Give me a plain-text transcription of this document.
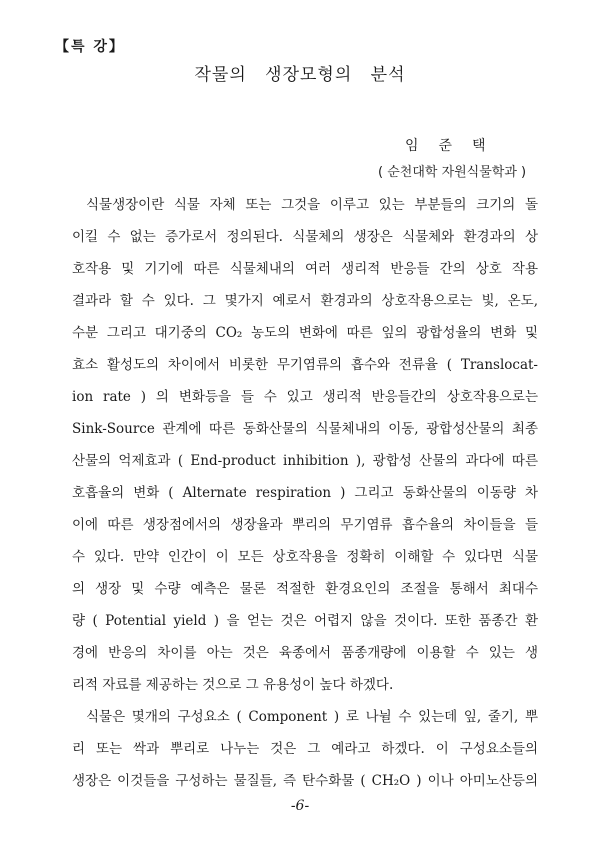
【특 강】
작물의 생장모형의 분석
임준택
( 순천대학 자원식물학과 )
식물생장이란 식물 자체 또는 그것을 이루고 있는 부분들의 크기의 돌
이킬 수 없는 증가로서 정의된다. 식물체의 생장은 식물체와 환경과의 상
호작용 및 기기에 따른 식물체내의 여러 생리적 반응들 간의 상호 작용
결과라 할 수 있다. 그 몇가지 예로서 환경과의 상호작용으로는 빛, 온도,
수분 그리고 대기중의 CO₂ 농도의 변화에 따른 잎의 광합성율의 변화 및
효소 활성도의 차이에서 비롯한 무기염류의 흡수와 전류율 ( Translocat-
ion rate ) 의 변화등을 들 수 있고 생리적 반응들간의 상호작용으로는
Sink-Source 관계에 따른 동화산물의 식물체내의 이동, 광합성산물의 최종
산물의 억제효과 ( End-product inhibition ), 광합성 산물의 과다에 따른
호흡율의 변화 ( Alternate respiration ) 그리고 동화산물의 이동량 차
이에 따른 생장점에서의 생장율과 뿌리의 무기염류 흡수율의 차이들을 들
수 있다. 만약 인간이 이 모든 상호작용을 정확히 이해할 수 있다면 식물
의 생장 및 수량 예측은 물론 적절한 환경요인의 조절을 통해서 최대수
량 ( Potential yield ) 을 얻는 것은 어렵지 않을 것이다. 또한 품종간 환
경에 반응의 차이를 아는 것은 육종에서 품종개량에 이용할 수 있는 생
리적 자료를 제공하는 것으로 그 유용성이 높다 하겠다.
식물은 몇개의 구성요소 ( Component ) 로 나뉠 수 있는데 잎, 줄기, 뿌
리 또는 싹과 뿌리로 나누는 것은 그 예라고 하겠다. 이 구성요소들의
생장은 이것들을 구성하는 물질들, 즉 탄수화물 ( CH₂O ) 이나 아미노산등의
-6-
